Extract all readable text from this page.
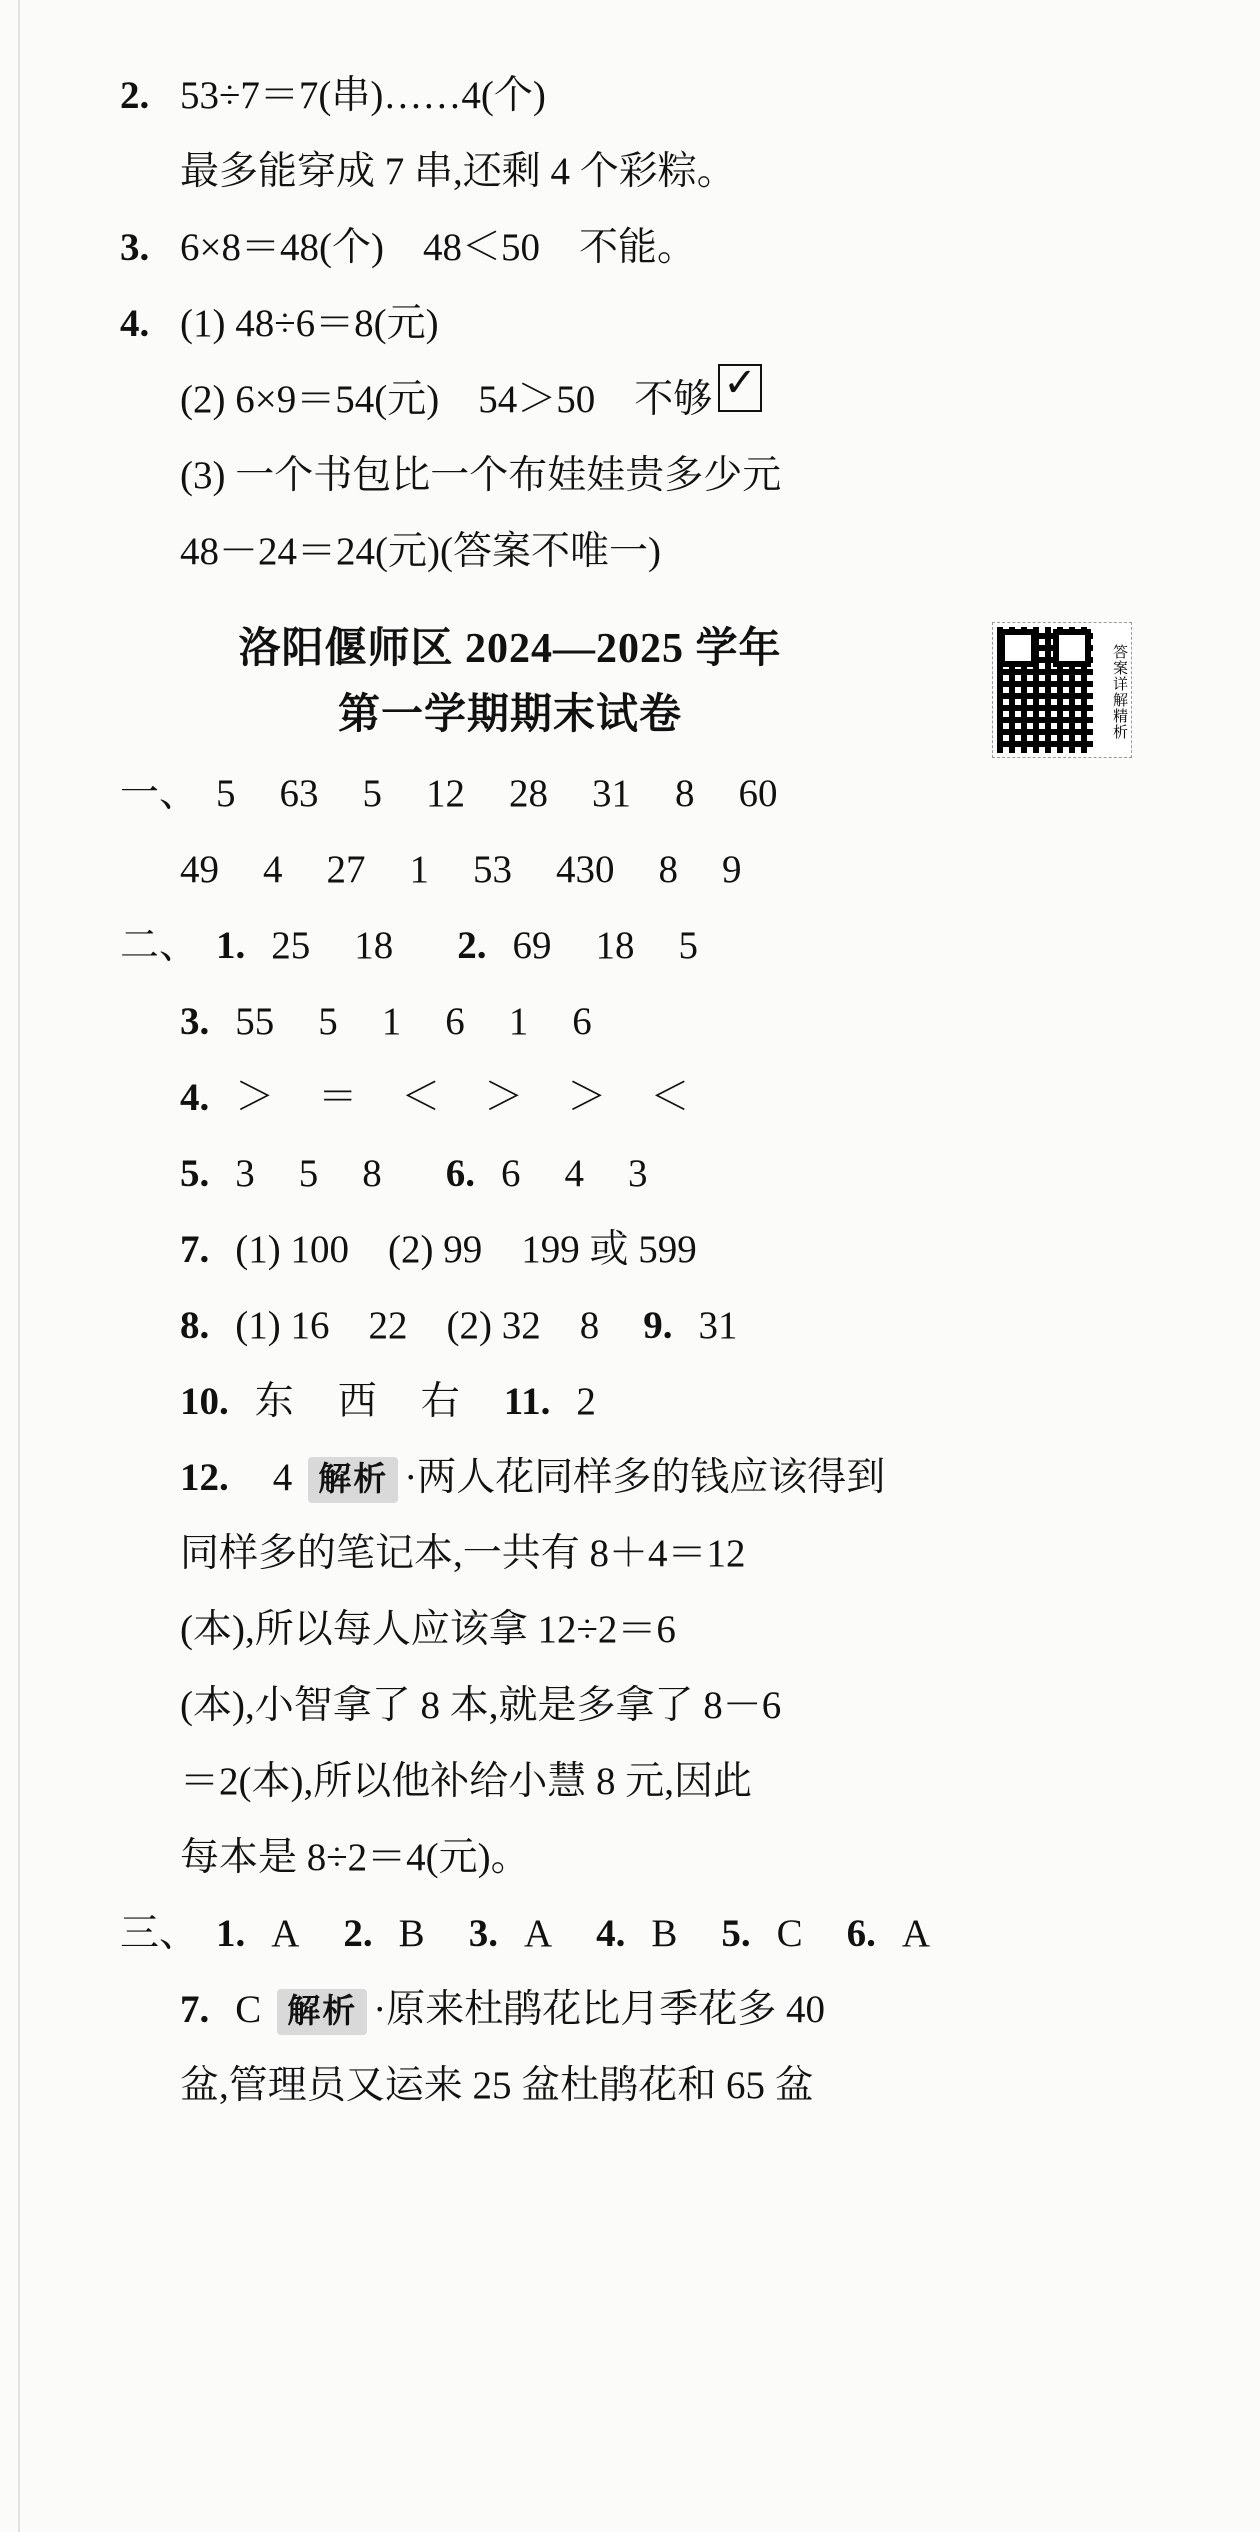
2. 53÷7＝7(串)……4(个)
最多能穿成 7 串,还剩 4 个彩粽。
3. 6×8＝48(个)　48＜50　不能。
4. (1) 48÷6＝8(元)
(2) 6×9＝54(元)　54＞50　不够
✓
(3) 一个书包比一个布娃娃贵多少元
48－24＝24(元)(答案不唯一)
洛阳偃师区 2024—2025 学年
第一学期期末试卷	答案详解精析
一、 5 63 5 12 28 31 8 60
49 4 27 1 53 430 8 9
二、 1. 25 18 2. 69 18 5
3. 55 5 1 6 1 6
4. ＞ ＝ ＜ ＞ ＞ ＜
5. 3 5 8 6. 6 4 3
7. (1) 100　(2) 99　199 或 599
8. (1) 16　22　(2) 32　8 9. 31
10. 东 西 右 11. 2
12. 4 解析 · 两人花同样多的钱应该得到
同样多的笔记本,一共有 8＋4＝12
(本),所以每人应该拿 12÷2＝6
(本),小智拿了 8 本,就是多拿了 8－6
＝2(本),所以他补给小慧 8 元,因此
每本是 8÷2＝4(元)。
三、 1. A 2. B 3. A 4. B 5. C 6. A
7. C 解析 · 原来杜鹃花比月季花多 40
盆,管理员又运来 25 盆杜鹃花和 65 盆
